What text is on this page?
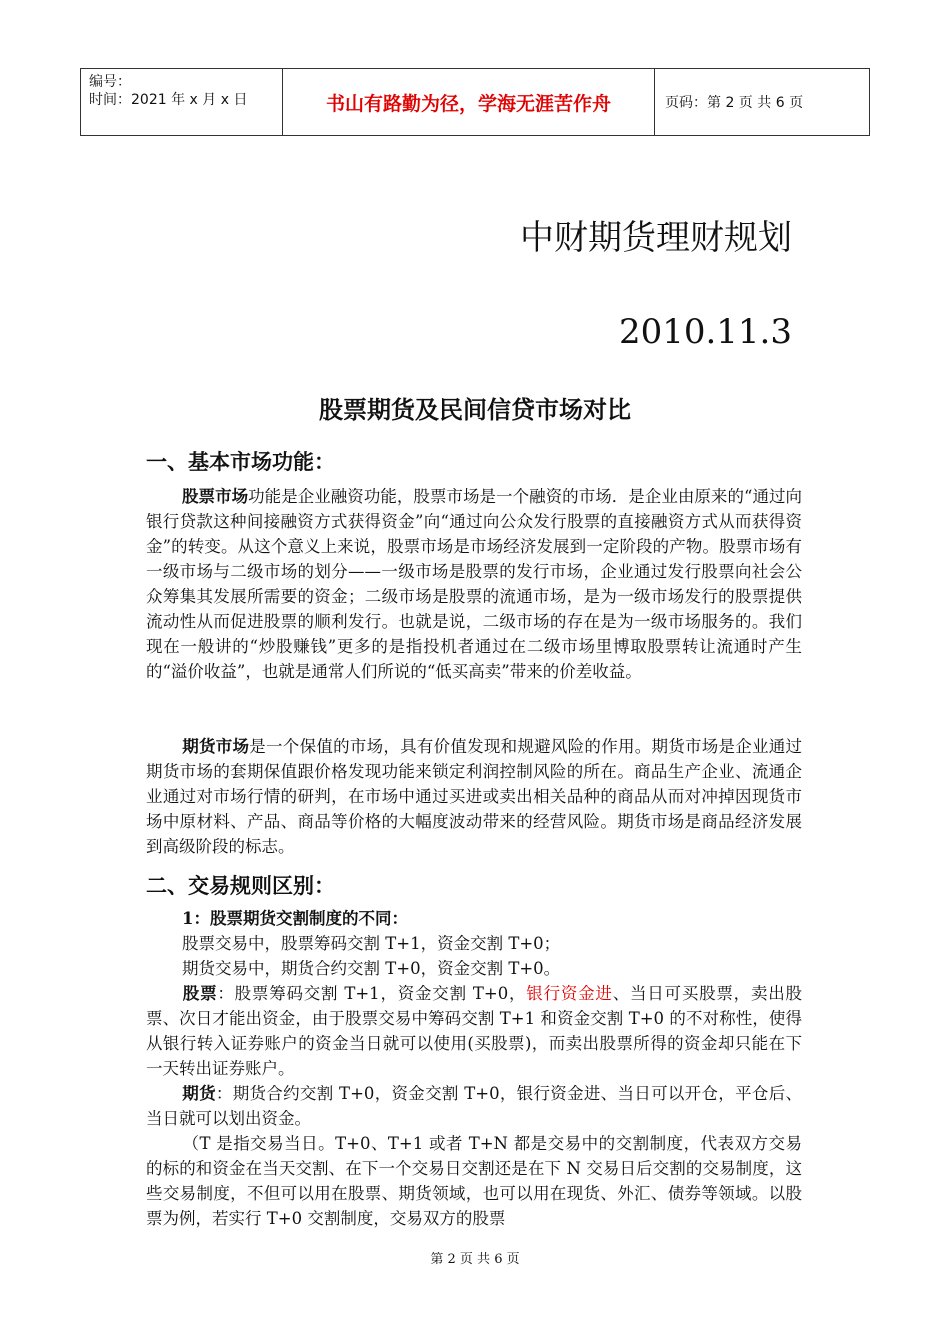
编号：
时间：2021 年 x 月 x 日	书山有路勤为径，学海无涯苦作舟	页码：第 2 页 共 6 页
中财期货理财规划
2010.11.3
股票期货及民间信贷市场对比
一、基本市场功能：

股票市场功能是企业融资功能，股票市场是一个融资的市场．是企业由原来的“通过向银行贷款这种间接融资方式获得资金”向“通过向公众发行股票的直接融资方式从而获得资金”的转变。从这个意义上来说，股票市场是市场经济发展到一定阶段的产物。股票市场有一级市场与二级市场的划分——一级市场是股票的发行市场，企业通过发行股票向社会公众筹集其发展所需要的资金；二级市场是股票的流通市场，是为一级市场发行的股票提供流动性从而促进股票的顺利发行。也就是说，二级市场的存在是为一级市场服务的。我们现在一般讲的“炒股赚钱”更多的是指投机者通过在二级市场里博取股票转让流通时产生的“溢价收益”，也就是通常人们所说的“低买高卖”带来的价差收益。

期货市场是一个保值的市场，具有价值发现和规避风险的作用。期货市场是企业通过期货市场的套期保值跟价格发现功能来锁定利润控制风险的所在。商品生产企业、流通企业通过对市场行情的研判，在市场中通过买进或卖出相关品种的商品从而对冲掉因现货市场中原材料、产品、商品等价格的大幅度波动带来的经营风险。期货市场是商品经济发展到高级阶段的标志。

二、交易规则区别：
1：股票期货交割制度的不同：
股票交易中，股票筹码交割 T+1，资金交割 T+0；
期货交易中，期货合约交割 T+0，资金交割 T+0。

股票：股票筹码交割 T+1，资金交割 T+0，银行资金进、当日可买股票，卖出股票、次日才能出资金，由于股票交易中筹码交割 T+1 和资金交割 T+0 的不对称性，使得从银行转入证券账户的资金当日就可以使用(买股票)，而卖出股票所得的资金却只能在下一天转出证券账户。

期货：期货合约交割 T+0，资金交割 T+0，银行资金进、当日可以开仓，平仓后、当日就可以划出资金。

（T 是指交易当日。T+0、T+1 或者 T+N 都是交易中的交割制度，代表双方交易的标的和资金在当天交割、在下一个交易日交割还是在下 N 交易日后交割的交易制度，这些交易制度，不但可以用在股票、期货领域，也可以用在现货、外汇、债券等领域。以股票为例，若实行 T+0 交割制度，交易双方的股票

第 2 页 共 6 页
